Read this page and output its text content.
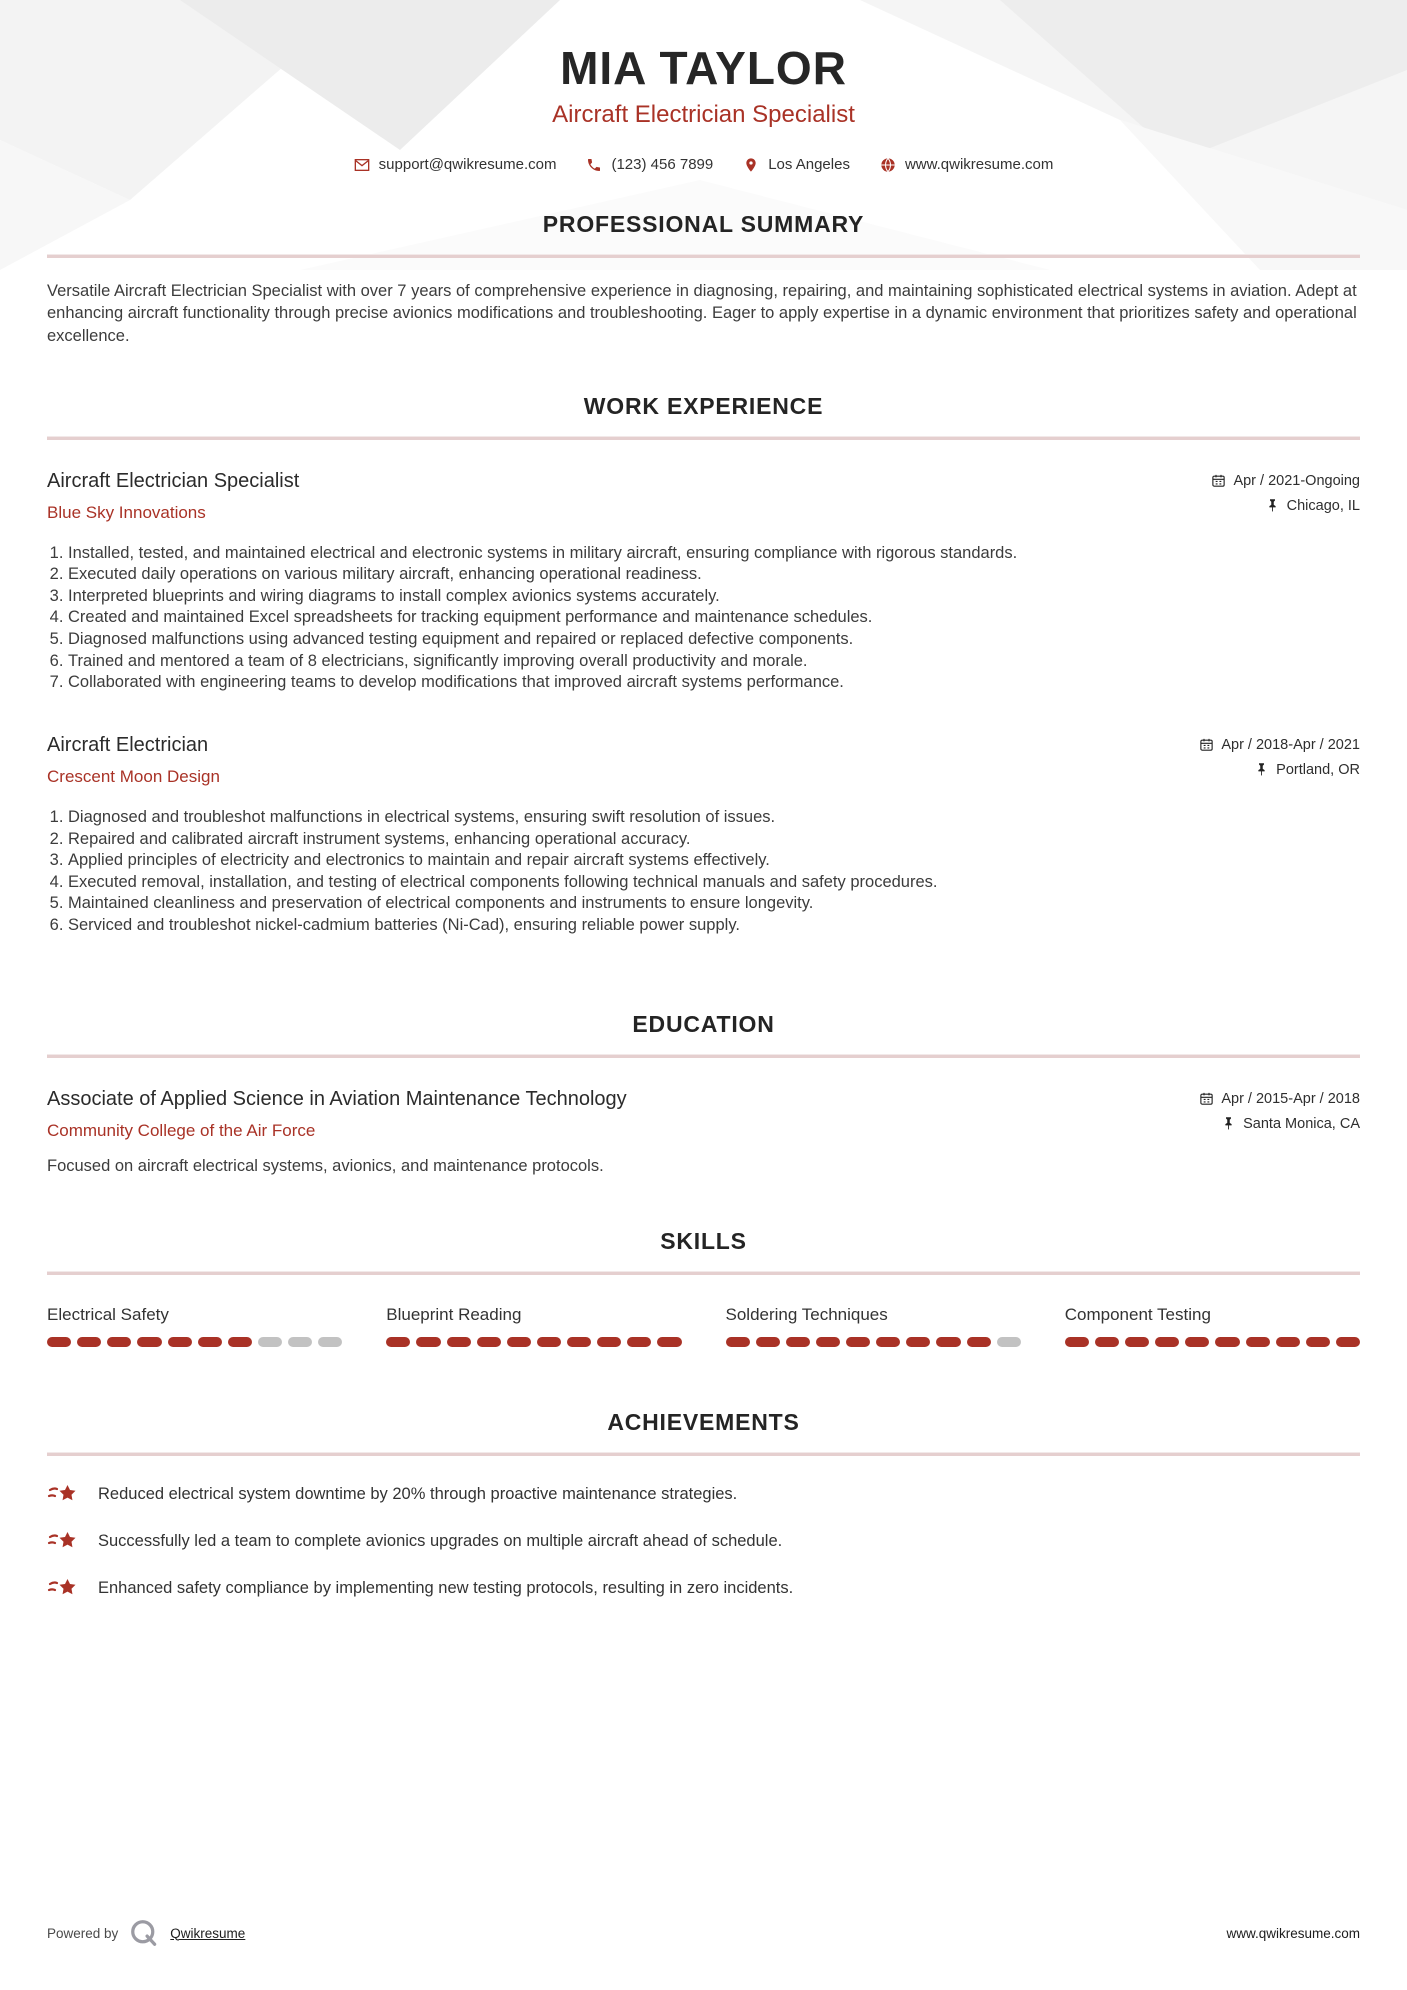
MIA TAYLOR
Aircraft Electrician Specialist
support@qwikresume.com	(123) 456 7899	Los Angeles	www.qwikresume.com
PROFESSIONAL SUMMARY

Versatile Aircraft Electrician Specialist with over 7 years of comprehensive experience in diagnosing, repairing, and maintaining sophisticated electrical systems in aviation. Adept at enhancing aircraft functionality through precise avionics modifications and troubleshooting. Eager to apply expertise in a dynamic environment that prioritizes safety and operational excellence.

WORK EXPERIENCE
Aircraft Electrician Specialist
Blue Sky Innovations
Apr / 2021-Ongoing
Chicago, IL
1. Installed, tested, and maintained electrical and electronic systems in military aircraft, ensuring compliance with rigorous standards.
2. Executed daily operations on various military aircraft, enhancing operational readiness.
3. Interpreted blueprints and wiring diagrams to install complex avionics systems accurately.
4. Created and maintained Excel spreadsheets for tracking equipment performance and maintenance schedules.
5. Diagnosed malfunctions using advanced testing equipment and repaired or replaced defective components.
6. Trained and mentored a team of 8 electricians, significantly improving overall productivity and morale.
7. Collaborated with engineering teams to develop modifications that improved aircraft systems performance.
Aircraft Electrician
Crescent Moon Design
Apr / 2018-Apr / 2021
Portland, OR
1. Diagnosed and troubleshot malfunctions in electrical systems, ensuring swift resolution of issues.
2. Repaired and calibrated aircraft instrument systems, enhancing operational accuracy.
3. Applied principles of electricity and electronics to maintain and repair aircraft systems effectively.
4. Executed removal, installation, and testing of electrical components following technical manuals and safety procedures.
5. Maintained cleanliness and preservation of electrical components and instruments to ensure longevity.
6. Serviced and troubleshot nickel-cadmium batteries (Ni-Cad), ensuring reliable power supply.
EDUCATION
Associate of Applied Science in Aviation Maintenance Technology
Community College of the Air Force
Apr / 2015-Apr / 2018
Santa Monica, CA

Focused on aircraft electrical systems, avionics, and maintenance protocols.

SKILLS
Electrical Safety	Blueprint Reading	Soldering Techniques	Component Testing
ACHIEVEMENTS
Reduced electrical system downtime by 20% through proactive maintenance strategies.
Successfully led a team to complete avionics upgrades on multiple aircraft ahead of schedule.
Enhanced safety compliance by implementing new testing protocols, resulting in zero incidents.
Powered by	Qwikresume	www.qwikresume.com
